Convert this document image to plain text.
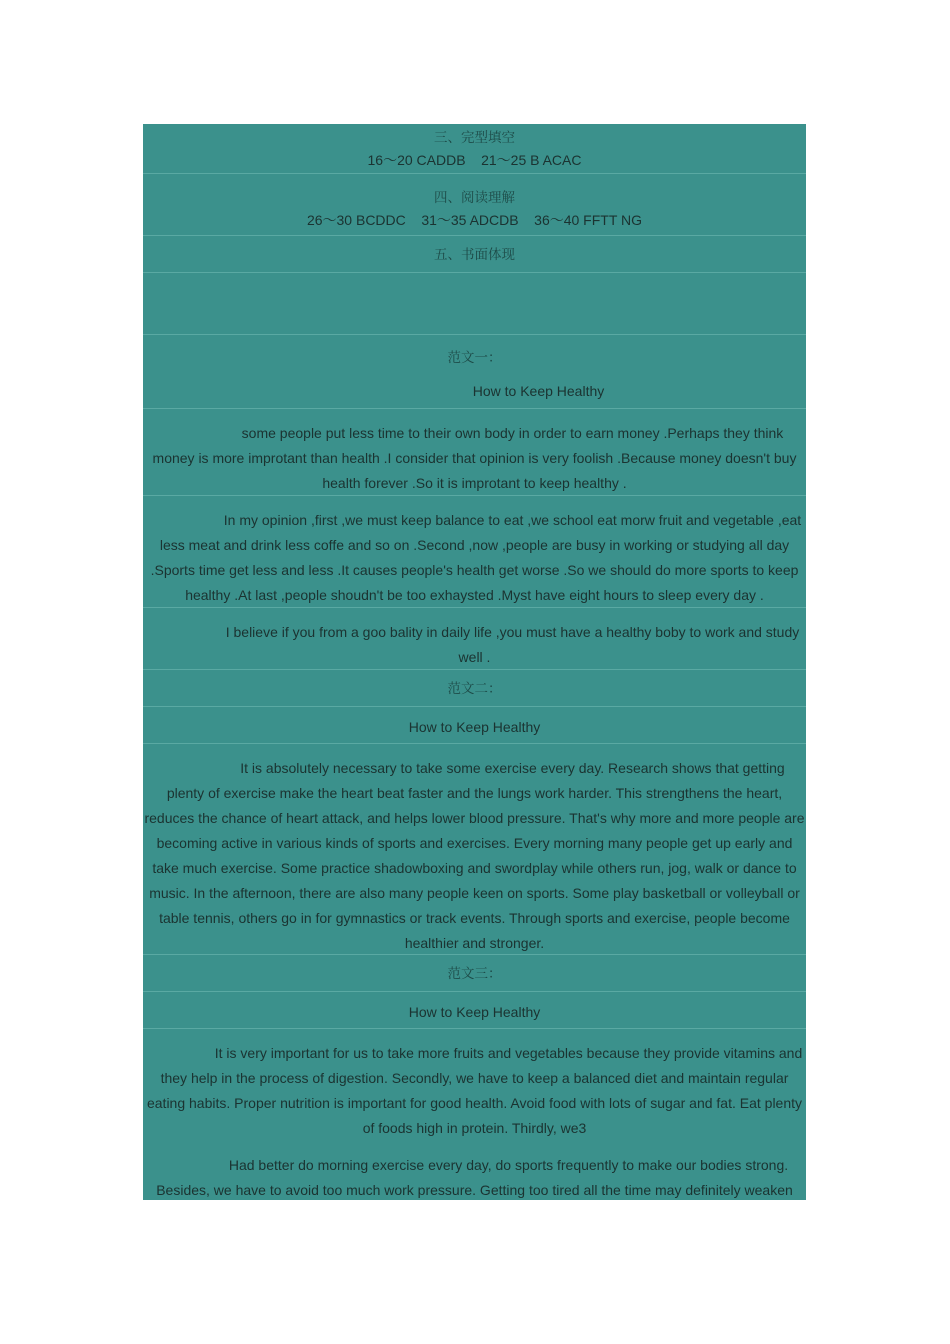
三、完型填空

16～20 CADDB    21～25 B ACAC

四、阅读理解

26～30 BCDDC    31～35 ADCDB    36～40 FFTT NG

五、书面体现

范文一：

How to Keep Healthy

some people put less time to their own body in order to earn money .Perhaps they think money is more improtant than health .I consider that opinion is very foolish .Because money doesn't buy health forever .So it is improtant to keep healthy .

In my opinion ,first ,we must keep balance to eat ,we school eat morw fruit and vegetable ,eat less meat and drink less coffe and so on .Second ,now ,people are busy in working or studying all day .Sports time get less and less .It causes people's health get worse .So we should do more sports to keep healthy .At last ,people shoudn't be too exhaysted .Myst have eight hours to sleep every day .

I believe if you from a goo bality in daily life ,you must have a healthy boby to work and study well .

范文二：

How to Keep Healthy

It is absolutely necessary to take some exercise every day. Research shows that getting plenty of exercise make the heart beat faster and the lungs work harder. This strengthens the heart, reduces the chance of heart attack, and helps lower blood pressure. That's why more and more people are becoming active in various kinds of sports and exercises. Every morning many people get up early and take much exercise. Some practice shadowboxing and swordplay while others run, jog, walk or dance to music. In the afternoon, there are also many people keen on sports. Some play basketball or volleyball or table tennis, others go in for gymnastics or track events. Through sports and exercise, people become healthier and stronger.

范文三：

How to Keep Healthy

It is very important for us to take more fruits and vegetables because they provide vitamins and they help in the process of digestion. Secondly, we have to keep a balanced diet and maintain regular eating habits. Proper nutrition is important for good health. Avoid food with lots of sugar and fat. Eat plenty of foods high in protein. Thirdly, we3

Had better do morning exercise every day, do sports frequently to make our bodies strong. Besides, we have to avoid too much work pressure. Getting too tired all the time may definitely weaken
